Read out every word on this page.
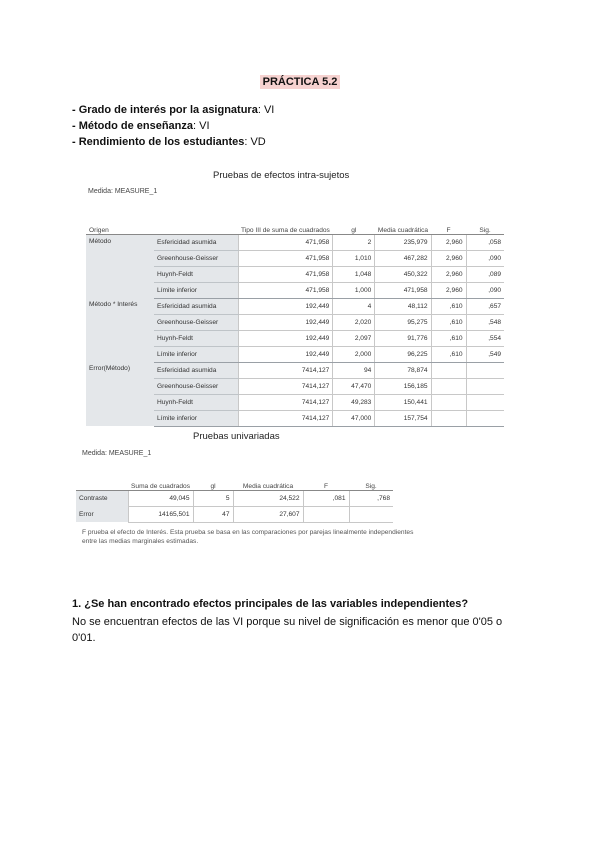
PRÁCTICA 5.2
- Grado de interés por la asignatura: VI
- Método de enseñanza: VI
- Rendimiento de los estudiantes: VD
Pruebas de efectos intra-sujetos
Medida: MEASURE_1
Origen		Tipo III de suma de cuadrados	gl	Media cuadrática	F	Sig.
Método	Esfericidad asumida	471,958	2	235,979	2,960	,058
	Greenhouse-Geisser	471,958	1,010	467,282	2,960	,090
	Huynh-Feldt	471,958	1,048	450,322	2,960	,089
	Límite inferior	471,958	1,000	471,958	2,960	,090
Método * Interés	Esfericidad asumida	192,449	4	48,112	,610	,657
	Greenhouse-Geisser	192,449	2,020	95,275	,610	,548
	Huynh-Feldt	192,449	2,097	91,776	,610	,554
	Límite inferior	192,449	2,000	96,225	,610	,549
Error(Método)	Esfericidad asumida	7414,127	94	78,874		
	Greenhouse-Geisser	7414,127	47,470	156,185		
	Huynh-Feldt	7414,127	49,283	150,441		
	Límite inferior	7414,127	47,000	157,754		
Pruebas univariadas
Medida: MEASURE_1
	Suma de cuadrados	gl	Media cuadrática	F	Sig.
Contraste	49,045	5	24,522	,081	,768
Error	14165,501	47	27,607		
F prueba el efecto de Interés. Esta prueba se basa en las comparaciones por parejas linealmente independientes entre las medias marginales estimadas.
1. ¿Se han encontrado efectos principales de las variables independientes?
No se encuentran efectos de las VI porque su nivel de significación es menor que 0'05 o 0'01.
